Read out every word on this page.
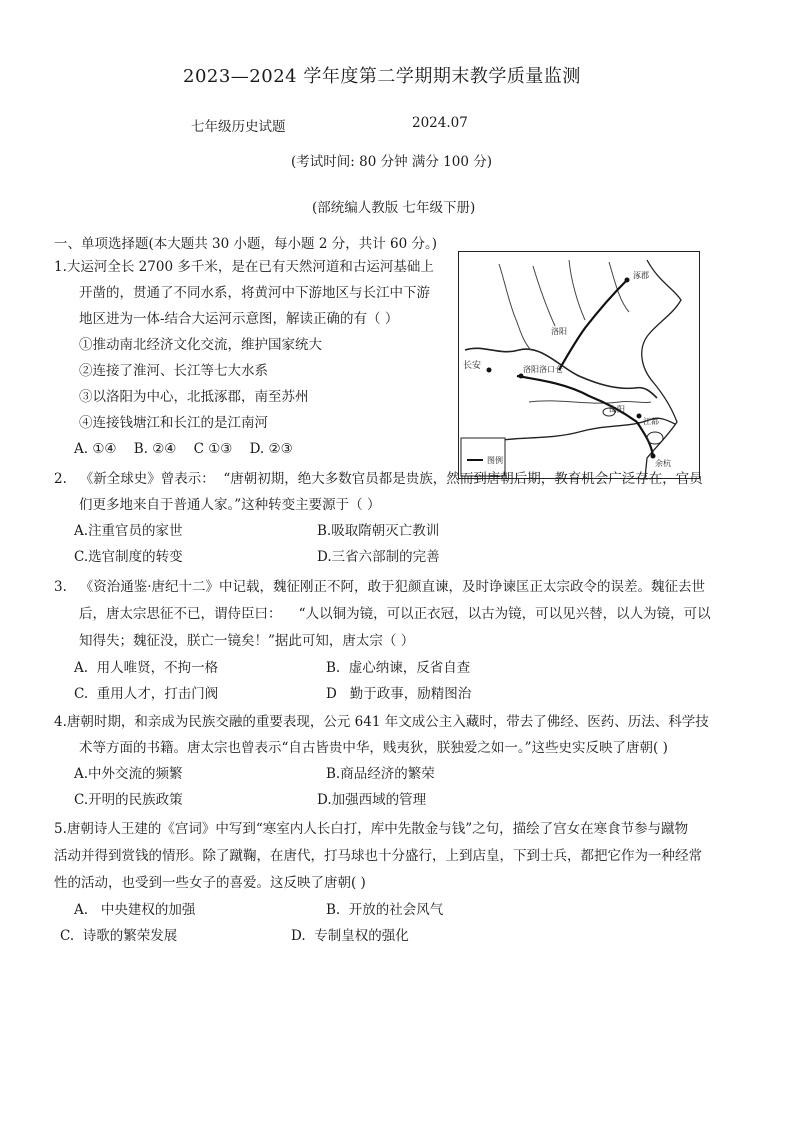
2023—2024 学年度第二学期期末教学质量监测
七年级历史试题	2024.07
(考试时间: 80 分钟 满分 100 分)
(部统编人教版 七年级下册)
一、单项选择题(本大题共 30 小题，每小题 2 分，共计 60 分。)
1.大运河全长 2700 多千米，是在已有天然河道和古运河基础上
开凿的，贯通了不同水系，将黄河中下游地区与长江中下游
地区进为一体-结合大运河示意图，解读正确的有（ ）
①推动南北经济文化交流，维护国家统大
②连接了淮河、长江等七大水系
③以洛阳为中心，北抵涿郡，南至苏州
④连接钱塘江和长江的是江南河
A. ①④    B. ②④    C ①③    D. ②③
图例
涿郡
长安	洛阳洛口仓
山阳
江都
余杭
洛阳
2.   《新全球史》曾表示：  “唐朝初期，绝大多数官员都是贵族，然而到唐朝后期，教育机会广泛存在，官员
们更多地来自于普通人家。”这种转变主要源于（ ）
A.注重官员的家世	B.吸取隋朝灭亡教训
C.选官制度的转变	D.三省六部制的完善
3.   《资治通鉴·唐纪十二》中记载，魏征刚正不阿，敢于犯颜直谏，及时诤谏匡正太宗政令的误差。魏征去世
后，唐太宗思征不已，谓侍臣曰：    “人以铜为镜，可以正衣冠，以古为镜，可以见兴替，以人为镜，可以
知得失；魏征没，朕亡一镜矣！”据此可知，唐太宗（ ）
A.  用人唯贤，不拘一格	B.  虚心纳谏，反省自查
C.  重用人才，打击门阀	D   勤于政事，励精图治
4.唐朝时期，和亲成为民族交融的重要表现，公元 641 年文成公主入藏时，带去了佛经、医药、历法、科学技
术等方面的书籍。唐太宗也曾表示“自古皆贵中华，贱夷狄，朕独爱之如一。”这些史实反映了唐朝( )
A.中外交流的频繁	B.商品经济的繁荣
C.开明的民族政策	D.加强西域的管理
5.唐朝诗人王建的《宫词》中写到“寒室内人长白打，库中先散金与钱”之句，描绘了宫女在寒食节参与蹴物
活动并得到赏钱的情形。除了蹴鞠，在唐代，打马球也十分盛行，上到店皇，下到士兵，都把它作为一种经常
性的活动，也受到一些女子的喜爱。这反映了唐朝( )
A.   中央建权的加强	B.  开放的社会风气
C.  诗歌的繁荣发展	D.  专制皇权的强化
